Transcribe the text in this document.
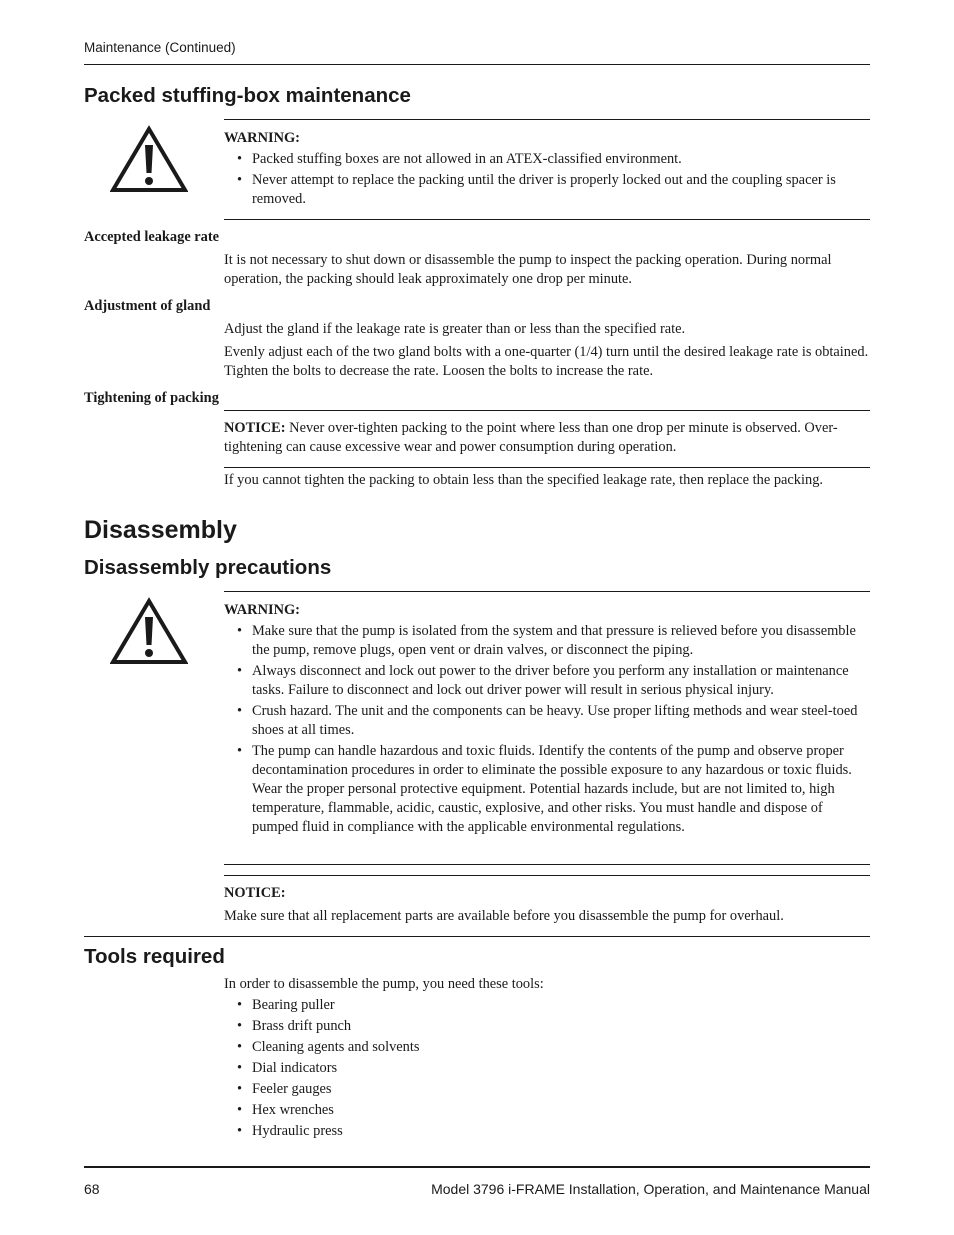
Maintenance (Continued)
Packed stuffing-box maintenance
WARNING:
• Packed stuffing boxes are not allowed in an ATEX-classified environment.
• Never attempt to replace the packing until the driver is properly locked out and the coupling spacer is removed.
Accepted leakage rate

It is not necessary to shut down or disassemble the pump to inspect the packing operation. During normal operation, the packing should leak approximately one drop per minute.

Adjustment of gland

Adjust the gland if the leakage rate is greater than or less than the specified rate.

Evenly adjust each of the two gland bolts with a one-quarter (1/4) turn until the desired leakage rate is obtained. Tighten the bolts to decrease the rate. Loosen the bolts to increase the rate.

Tightening of packing

NOTICE: Never over-tighten packing to the point where less than one drop per minute is observed. Over-tightening can cause excessive wear and power consumption during operation.

If you cannot tighten the packing to obtain less than the specified leakage rate, then replace the packing.

Disassembly
Disassembly precautions
WARNING:
• Make sure that the pump is isolated from the system and that pressure is relieved before you disassemble the pump, remove plugs, open vent or drain valves, or disconnect the piping.
• Always disconnect and lock out power to the driver before you perform any installation or maintenance tasks. Failure to disconnect and lock out driver power will result in serious physical injury.
• Crush hazard. The unit and the components can be heavy. Use proper lifting methods and wear steel-toed shoes at all times.
• The pump can handle hazardous and toxic fluids. Identify the contents of the pump and observe proper decontamination procedures in order to eliminate the possible exposure to any hazardous or toxic fluids. Wear the proper personal protective equipment. Potential hazards include, but are not limited to, high temperature, flammable, acidic, caustic, explosive, and other risks. You must handle and dispose of pumped fluid in compliance with the applicable environmental regulations.
NOTICE:

Make sure that all replacement parts are available before you disassemble the pump for overhaul.

Tools required

In order to disassemble the pump, you need these tools:

• Bearing puller
• Brass drift punch
• Cleaning agents and solvents
• Dial indicators
• Feeler gauges
• Hex wrenches
• Hydraulic press
68	Model 3796 i-FRAME Installation, Operation, and Maintenance Manual
